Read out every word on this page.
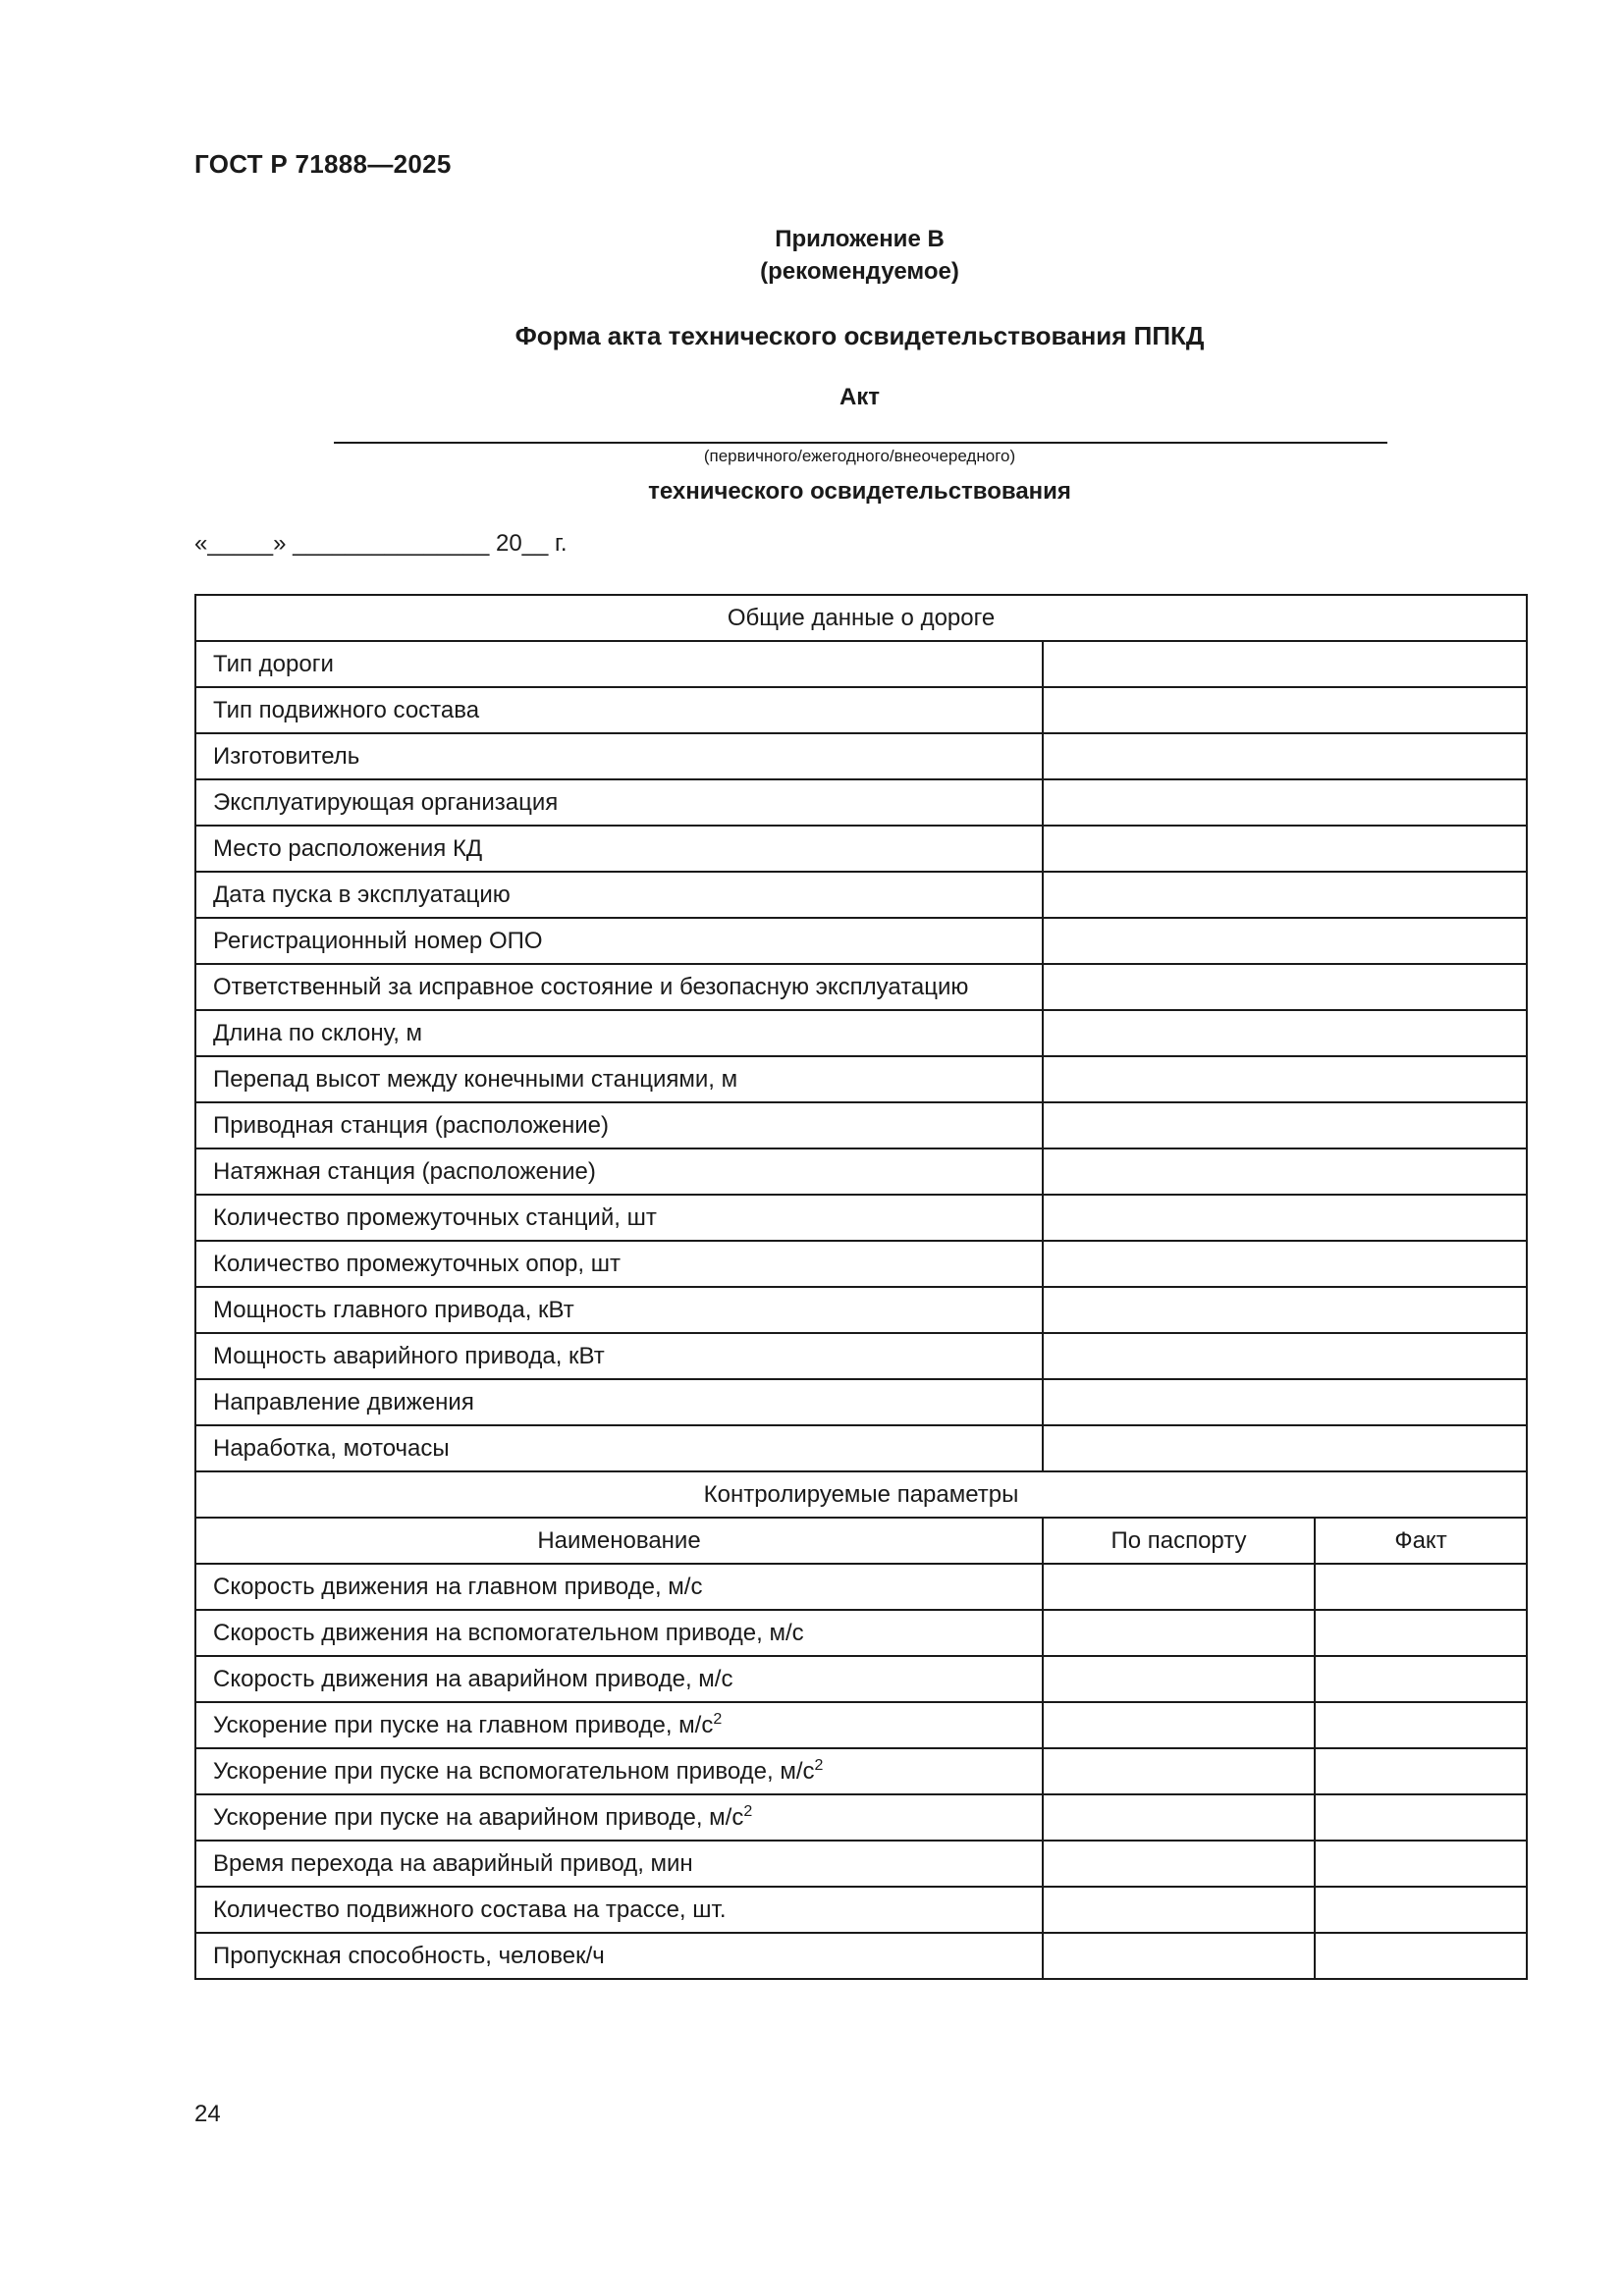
ГОСТ Р 71888—2025
Приложение В
(рекомендуемое)
Форма акта технического освидетельствования ППКД
Акт
(первичного/ежегодного/внеочередного)
технического освидетельствования
«_____» _______________ 20__ г.
Общие данные о дороге		
Тип дороги		
Тип подвижного состава		
Изготовитель		
Эксплуатирующая организация		
Место расположения КД		
Дата пуска в эксплуатацию		
Регистрационный номер ОПО		
Ответственный за исправное состояние и безопасную эксплуатацию		
Длина по склону, м		
Перепад высот между конечными станциями, м		
Приводная станция (расположение)		
Натяжная станция (расположение)		
Количество промежуточных станций, шт		
Количество промежуточных опор, шт		
Мощность главного привода, кВт		
Мощность аварийного привода, кВт		
Направление движения		
Наработка, моточасы		
Контролируемые параметры		
Наименование	По паспорту	Факт
Скорость движения на главном приводе, м/с		
Скорость движения на вспомогательном приводе, м/с		
Скорость движения на аварийном приводе, м/с		
Ускорение при пуске на главном приводе, $м/с^2$		
Ускорение при пуске на вспомогательном приводе, $м/с^2$		
Ускорение при пуске на аварийном приводе, $м/с^2$		
Время перехода на аварийный привод, мин		
Количество подвижного состава на трассе, шт.		
Пропускная способность, человек/ч		
24
